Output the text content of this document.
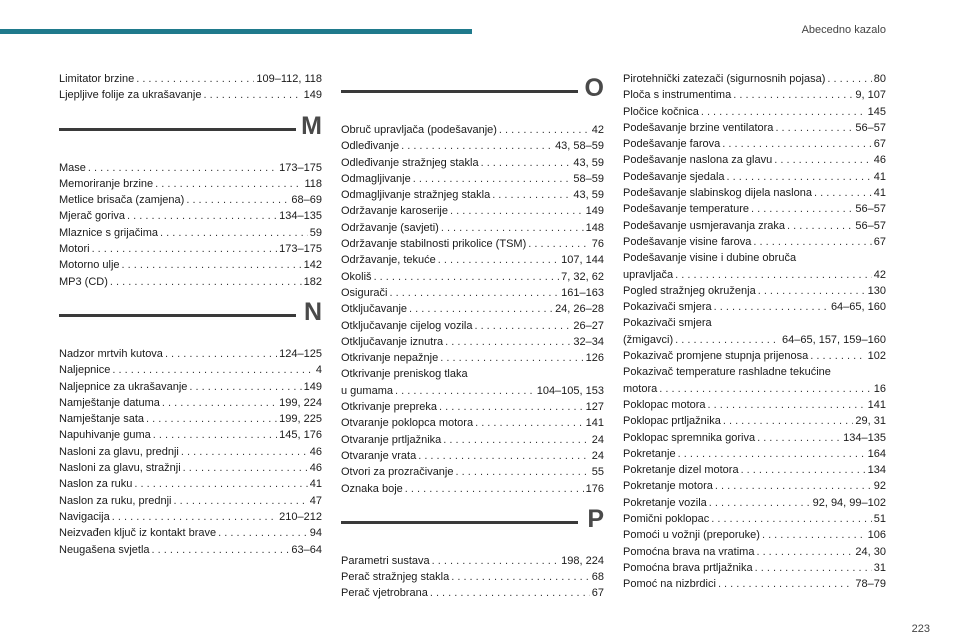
Abecedno kazalo
Limitator brzine . . .	109–112, 118
Ljepljive folije za ukrašavanje . . .	149
M
Mase . . .	173–175
Memoriranje brzine . . .	118
Metlice brisača (zamjena) . . .	68–69
Mjerač goriva . . .	134–135
Mlaznice s grijačima . . .	59
Motori . . .	173–175
Motorno ulje . . .	142
MP3 (CD) . . .	182
N
Nadzor mrtvih kutova . . .	124–125
Naljepnice . . .	4
Naljepnice za ukrašavanje . . .	149
Namještanje datuma . . .	199, 224
Namještanje sata . . .	199, 225
Napuhivanje guma . . .	145, 176
Nasloni za glavu, prednji . . .	46
Nasloni za glavu, stražnji . . .	46
Naslon za ruku . . .	41
Naslon za ruku, prednji . . .	47
Navigacija . . .	210–212
Neizvađen ključ iz kontakt brave . . .	94
Neugašena svjetla . . .	63–64
O
Obruč upravljača (podešavanje) . . .	42
Odleđivanje . . .	43, 58–59
Odleđivanje stražnjeg stakla . . .	43, 59
Odmagljivanje . . .	58–59
Odmagljivanje stražnjeg stakla . . .	43, 59
Održavanje karoserije . . .	149
Održavanje (savjeti) . . .	148
Održavanje stabilnosti prikolice (TSM) . . .	76
Održavanje, tekuće . . .	107, 144
Okoliš . . .	7, 32, 62
Osigurači . . .	161–163
Otključavanje . . .	24, 26–28
Otključavanje cijelog vozila . . .	26–27
Otključavanje iznutra . . .	32–34
Otkrivanje nepažnje . . .	126
Otkrivanje preniskog tlaka
u gumama . . .	104–105, 153
Otkrivanje prepreka . . .	127
Otvaranje poklopca motora . . .	141
Otvaranje prtljažnika . . .	24
Otvaranje vrata . . .	24
Otvori za prozračivanje . . .	55
Oznaka boje . . .	176
P
Parametri sustava . . .	198, 224
Perač stražnjeg stakla . . .	68
Perač vjetrobrana . . .	67
Pirotehnički zatezači (sigurnosnih pojasa) . . .	80
Ploča s instrumentima . . .	9, 107
Pločice kočnica . . .	145
Podešavanje brzine ventilatora . . .	56–57
Podešavanje farova . . .	67
Podešavanje naslona za glavu . . .	46
Podešavanje sjedala . . .	41
Podešavanje slabinskog dijela naslona . . .	41
Podešavanje temperature . . .	56–57
Podešavanje usmjeravanja zraka . . .	56–57
Podešavanje visine farova . . .	67
Podešavanje visine i dubine obruča
upravljača . . .	42
Pogled stražnjeg okruženja . . .	130
Pokazivači smjera . . .	64–65, 160
Pokazivači smjera
(žmigavci) . . .	64–65, 157, 159–160
Pokazivač promjene stupnja prijenosa . . .	102
Pokazivač temperature rashladne tekućine
motora . . .	16
Poklopac motora . . .	141
Poklopac prtljažnika . . .	29, 31
Poklopac spremnika goriva . . .	134–135
Pokretanje . . .	164
Pokretanje dizel motora . . .	134
Pokretanje motora . . .	92
Pokretanje vozila . . .	92, 94, 99–102
Pomični poklopac . . .	51
Pomoći u vožnji (preporuke) . . .	106
Pomoćna brava na vratima . . .	24, 30
Pomoćna brava prtljažnika . . .	31
Pomoć na nizbrdici . . .	78–79
223
